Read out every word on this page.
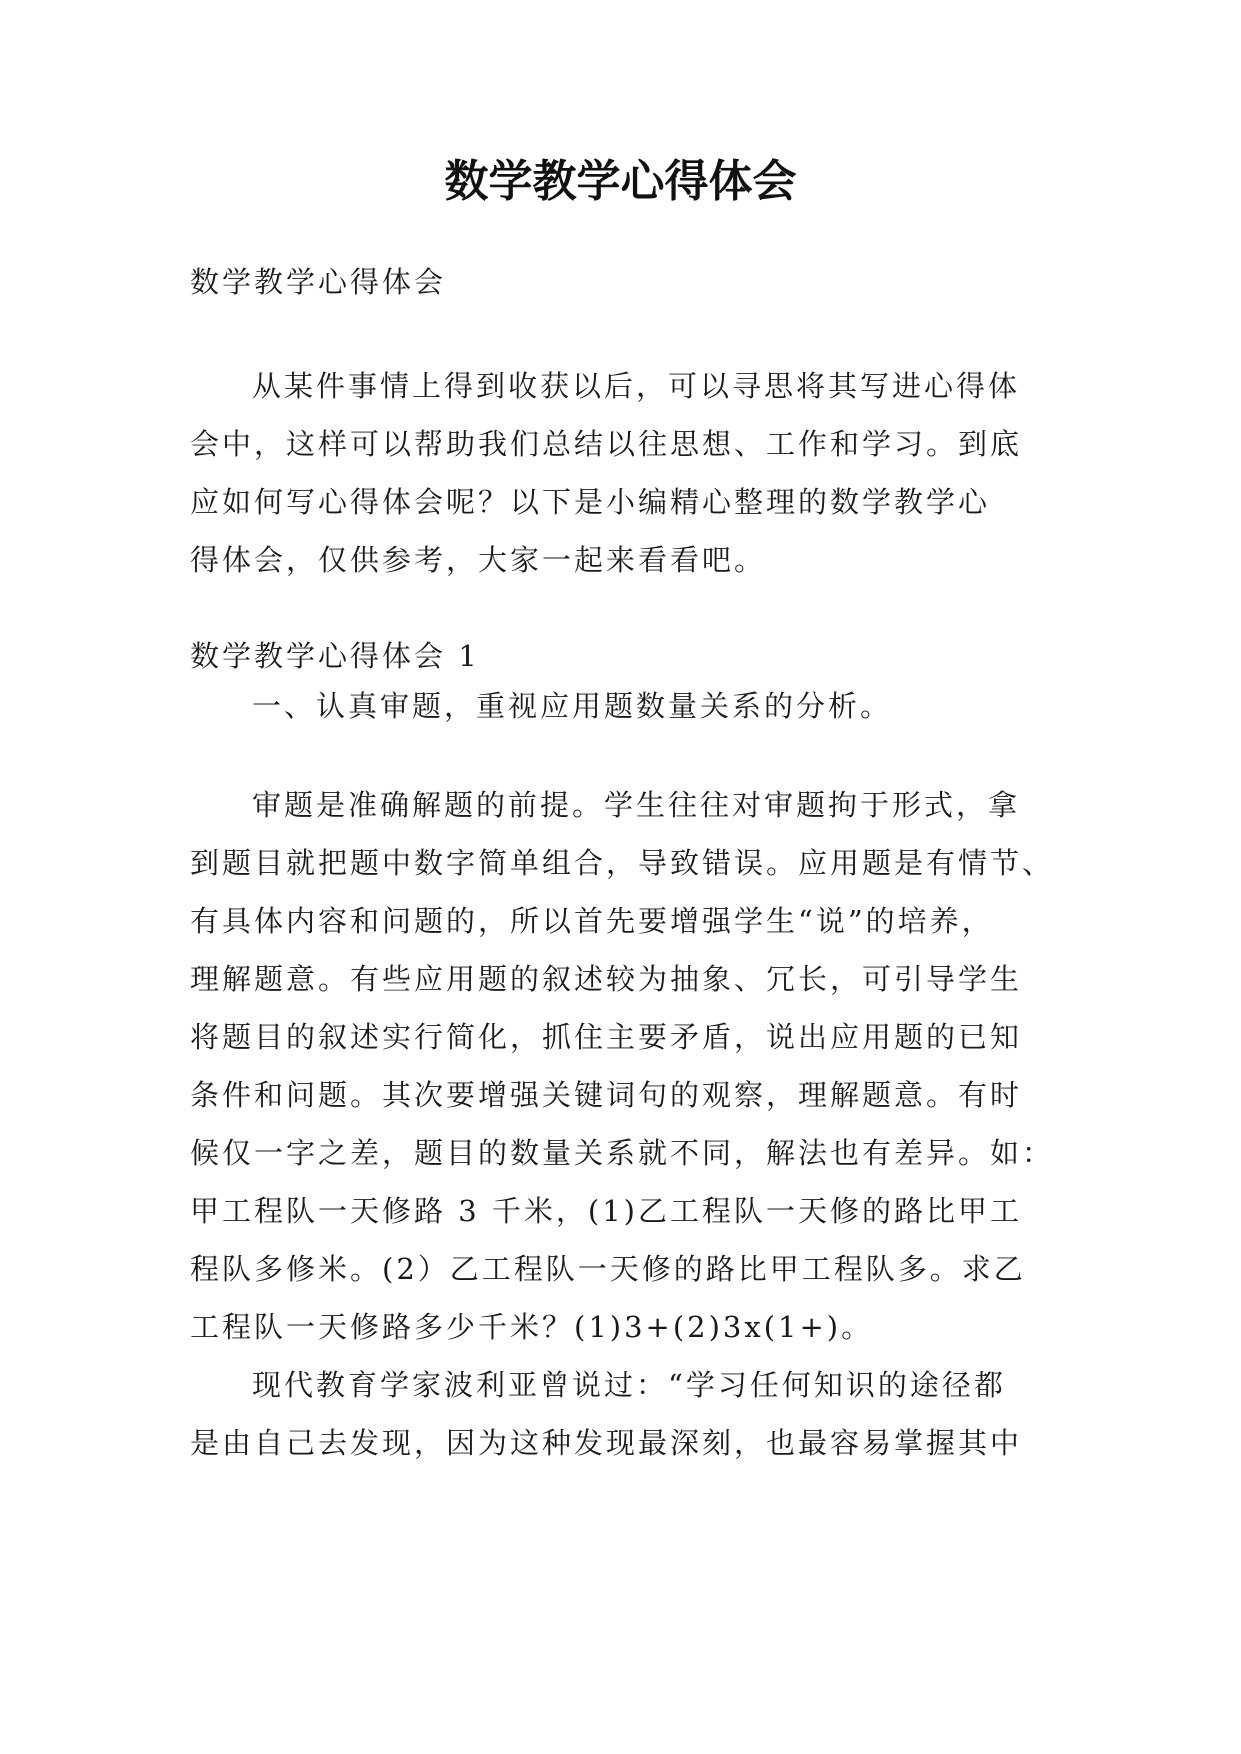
数学教学心得体会

数学教学心得体会

从某件事情上得到收获以后，可以寻思将其写进心得体

会中，这样可以帮助我们总结以往思想、工作和学习。到底

应如何写心得体会呢？以下是小编精心整理的数学教学心

得体会，仅供参考，大家一起来看看吧。

数学教学心得体会 1

一、认真审题，重视应用题数量关系的分析。

审题是准确解题的前提。学生往往对审题拘于形式，拿

到题目就把题中数字简单组合，导致错误。应用题是有情节、

有具体内容和问题的，所以首先要增强学生“说”的培养，

理解题意。有些应用题的叙述较为抽象、冗长，可引导学生

将题目的叙述实行简化，抓住主要矛盾，说出应用题的已知

条件和问题。其次要增强关键词句的观察，理解题意。有时

候仅一字之差，题目的数量关系就不同，解法也有差异。如：

甲工程队一天修路 3 千米，(1)乙工程队一天修的路比甲工

程队多修米。(2）乙工程队一天修的路比甲工程队多。求乙

工程队一天修路多少千米？(1)3+(2)3x(1+)。

现代教育学家波利亚曾说过：“学习任何知识的途径都

是由自己去发现，因为这种发现最深刻，也最容易掌握其中
